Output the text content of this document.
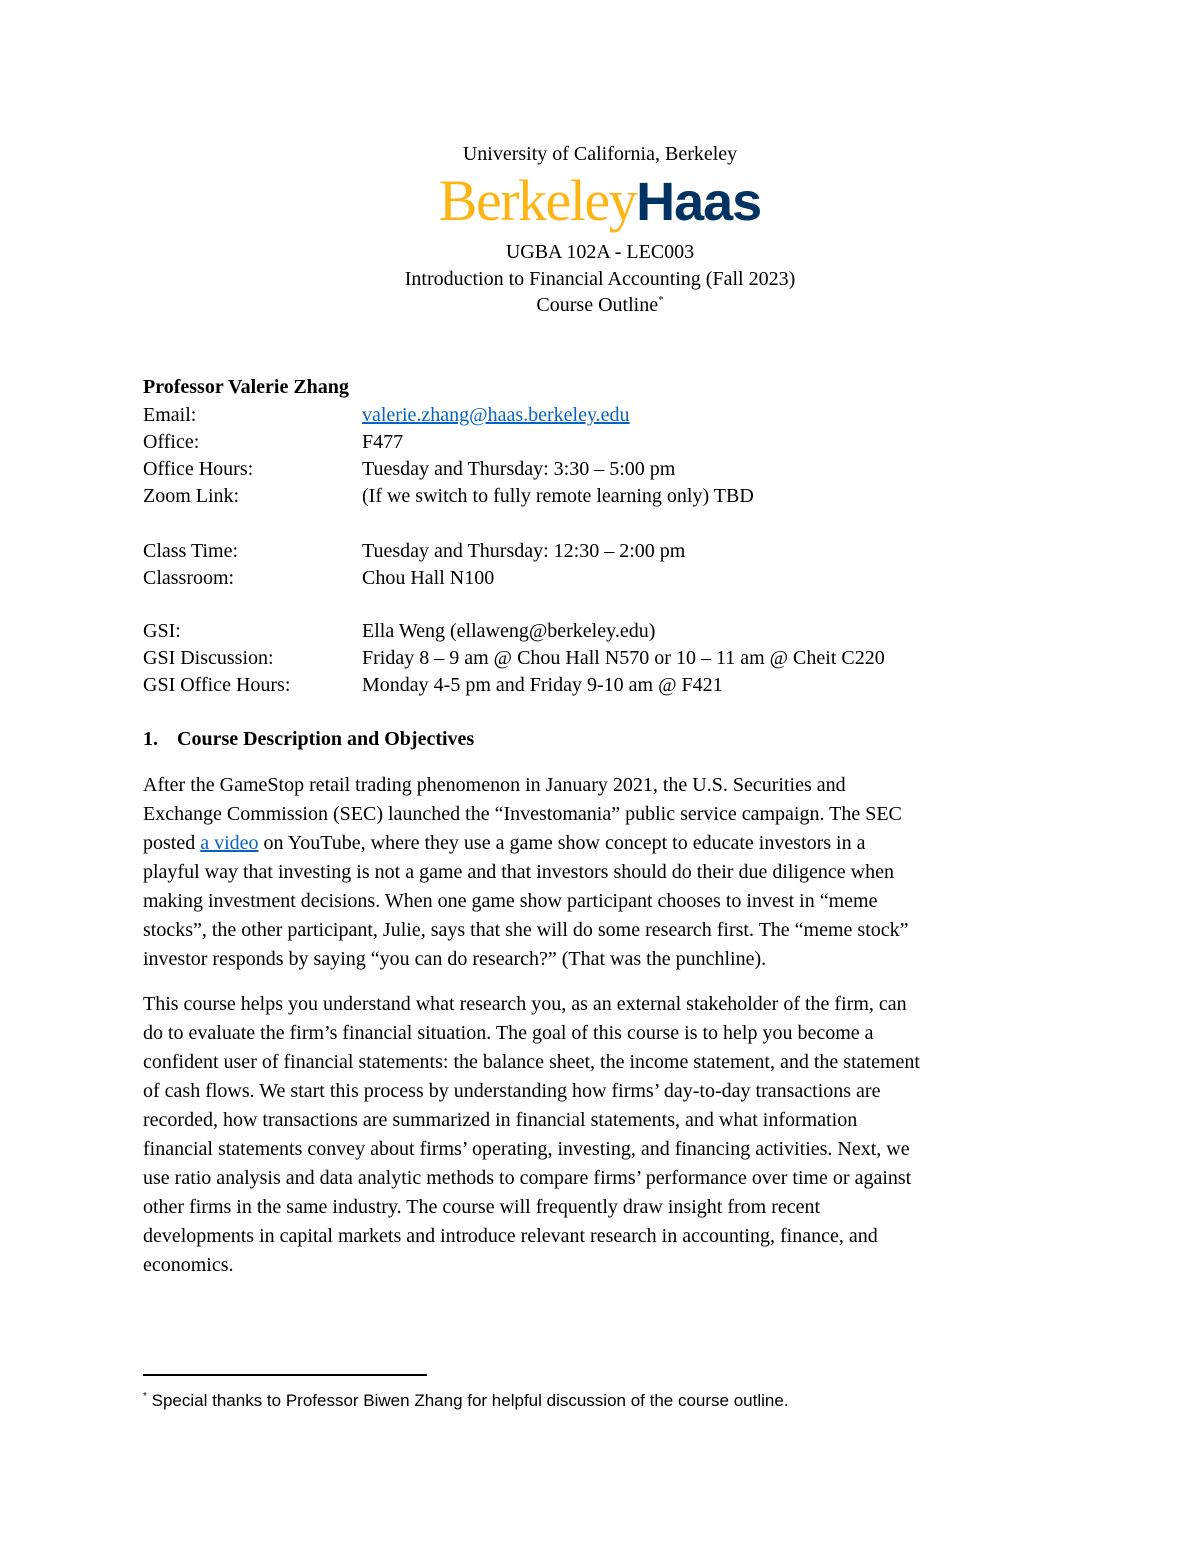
University of California, Berkeley
BerkeleyHaas
UGBA 102A - LEC003
Introduction to Financial Accounting (Fall 2023)
Course Outline*
Professor Valerie Zhang
Email:	valerie.zhang@haas.berkeley.edu
Office:	F477
Office Hours:	Tuesday and Thursday: 3:30 – 5:00 pm
Zoom Link:	(If we switch to fully remote learning only) TBD
Class Time:	Tuesday and Thursday: 12:30 – 2:00 pm
Classroom:	Chou Hall N100
GSI:	Ella Weng (ellaweng@berkeley.edu)
GSI Discussion:	Friday 8 – 9 am @ Chou Hall N570 or 10 – 11 am @ Cheit C220
GSI Office Hours:	Monday 4-5 pm and Friday 9-10 am @ F421
1. Course Description and Objectives
After the GameStop retail trading phenomenon in January 2021, the U.S. Securities and
Exchange Commission (SEC) launched the “Investomania” public service campaign. The SEC
posted a video on YouTube, where they use a game show concept to educate investors in a
playful way that investing is not a game and that investors should do their due diligence when
making investment decisions. When one game show participant chooses to invest in “meme
stocks”, the other participant, Julie, says that she will do some research first. The “meme stock”
investor responds by saying “you can do research?” (That was the punchline).
This course helps you understand what research you, as an external stakeholder of the firm, can
do to evaluate the firm’s financial situation. The goal of this course is to help you become a
confident user of financial statements: the balance sheet, the income statement, and the statement
of cash flows. We start this process by understanding how firms’ day-to-day transactions are
recorded, how transactions are summarized in financial statements, and what information
financial statements convey about firms’ operating, investing, and financing activities. Next, we
use ratio analysis and data analytic methods to compare firms’ performance over time or against
other firms in the same industry. The course will frequently draw insight from recent
developments in capital markets and introduce relevant research in accounting, finance, and
economics.
* Special thanks to Professor Biwen Zhang for helpful discussion of the course outline.
